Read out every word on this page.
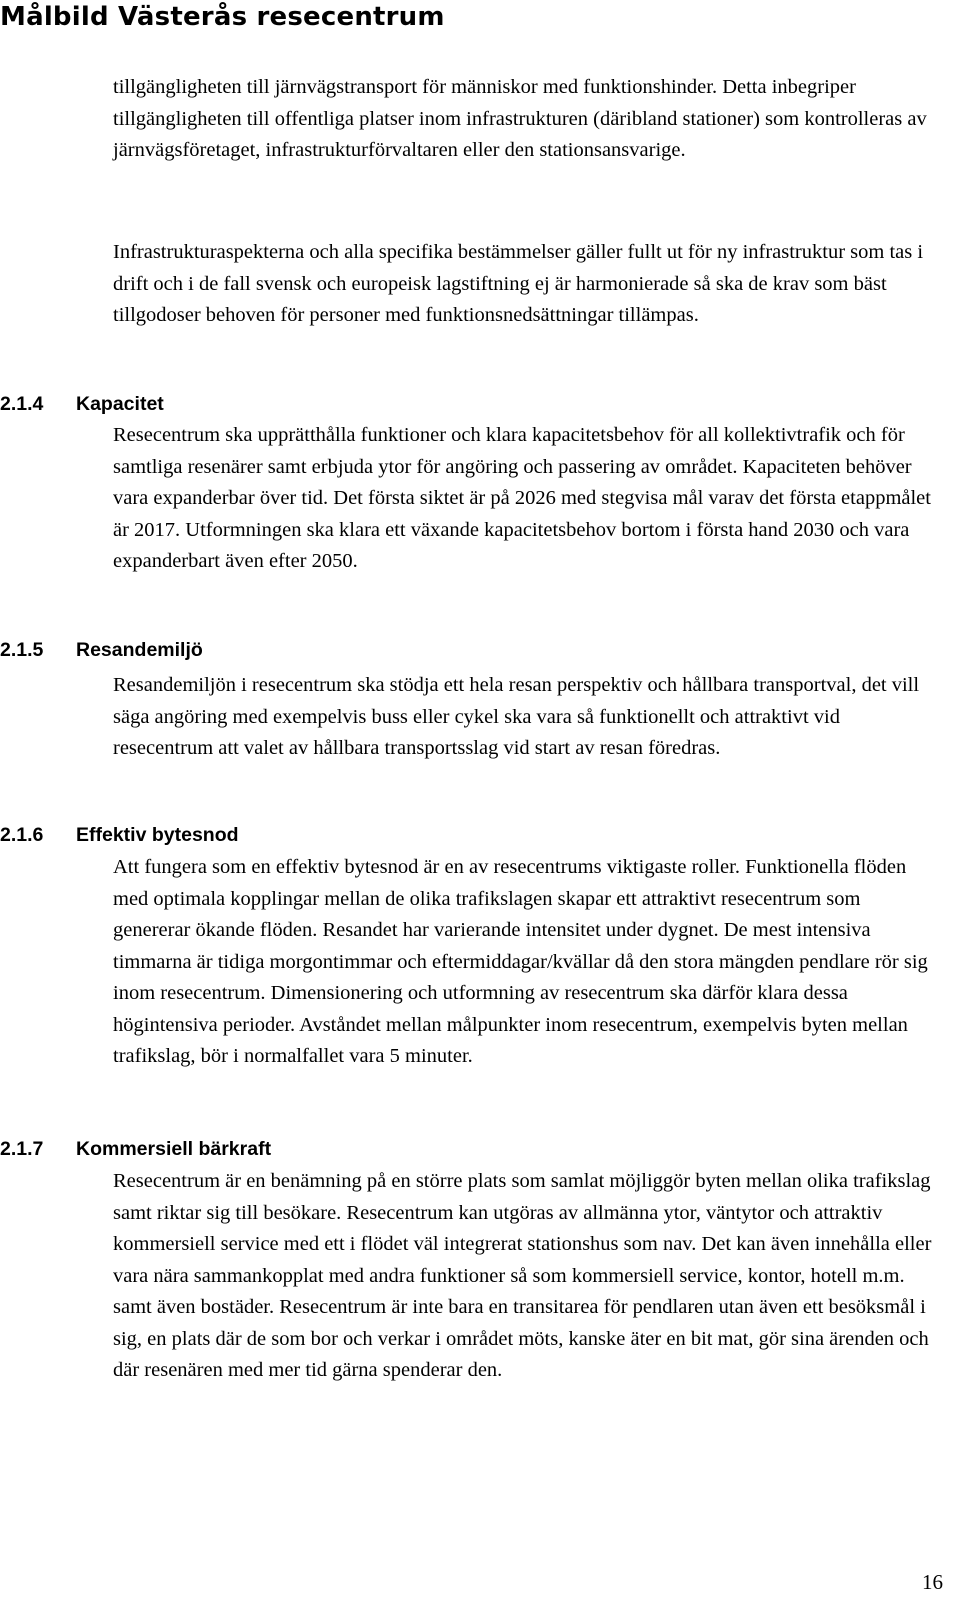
Målbild Västerås resecentrum

tillgängligheten till järnvägstransport för människor med funktionshinder. Detta inbegriper tillgängligheten till offentliga platser inom infrastrukturen (däribland stationer) som kontrolleras av järnvägsföretaget, infrastrukturförvaltaren eller den stationsansvarige.

Infrastrukturaspekterna och alla specifika bestämmelser gäller fullt ut för ny infrastruktur som tas i drift och i de fall svensk och europeisk lagstiftning ej är harmonierade så ska de krav som bäst tillgodoser behoven för personer med funktionsnedsättningar tillämpas.

2.1.4 Kapacitet

Resecentrum ska upprätthålla funktioner och klara kapacitetsbehov för all kollektivtrafik och för samtliga resenärer samt erbjuda ytor för angöring och passering av området. Kapaciteten behöver vara expanderbar över tid. Det första siktet är på 2026 med stegvisa mål varav det första etappmålet är 2017. Utformningen ska klara ett växande kapacitetsbehov bortom i första hand 2030 och vara expanderbart även efter 2050.

2.1.5 Resandemiljö

Resandemiljön i resecentrum ska stödja ett hela resan perspektiv och hållbara transportval, det vill säga angöring med exempelvis buss eller cykel ska vara så funktionellt och attraktivt vid resecentrum att valet av hållbara transportsslag vid start av resan föredras.

2.1.6 Effektiv bytesnod

Att fungera som en effektiv bytesnod är en av resecentrums viktigaste roller. Funktionella flöden med optimala kopplingar mellan de olika trafikslagen skapar ett attraktivt resecentrum som genererar ökande flöden. Resandet har varierande intensitet under dygnet. De mest intensiva timmarna är tidiga morgontimmar och eftermiddagar/kvällar då den stora mängden pendlare rör sig inom resecentrum. Dimensionering och utformning av resecentrum ska därför klara dessa högintensiva perioder. Avståndet mellan målpunkter inom resecentrum, exempelvis byten mellan trafikslag, bör i normalfallet vara 5 minuter.

2.1.7 Kommersiell bärkraft

Resecentrum är en benämning på en större plats som samlat möjliggör byten mellan olika trafikslag samt riktar sig till besökare. Resecentrum kan utgöras av allmänna ytor, väntytor och attraktiv kommersiell service med ett i flödet väl integrerat stationshus som nav. Det kan även innehålla eller vara nära sammankopplat med andra funktioner så som kommersiell service, kontor, hotell m.m. samt även bostäder. Resecentrum är inte bara en transitarea för pendlaren utan även ett besöksmål i sig, en plats där de som bor och verkar i området möts, kanske äter en bit mat, gör sina ärenden och där resenären med mer tid gärna spenderar den.

16
